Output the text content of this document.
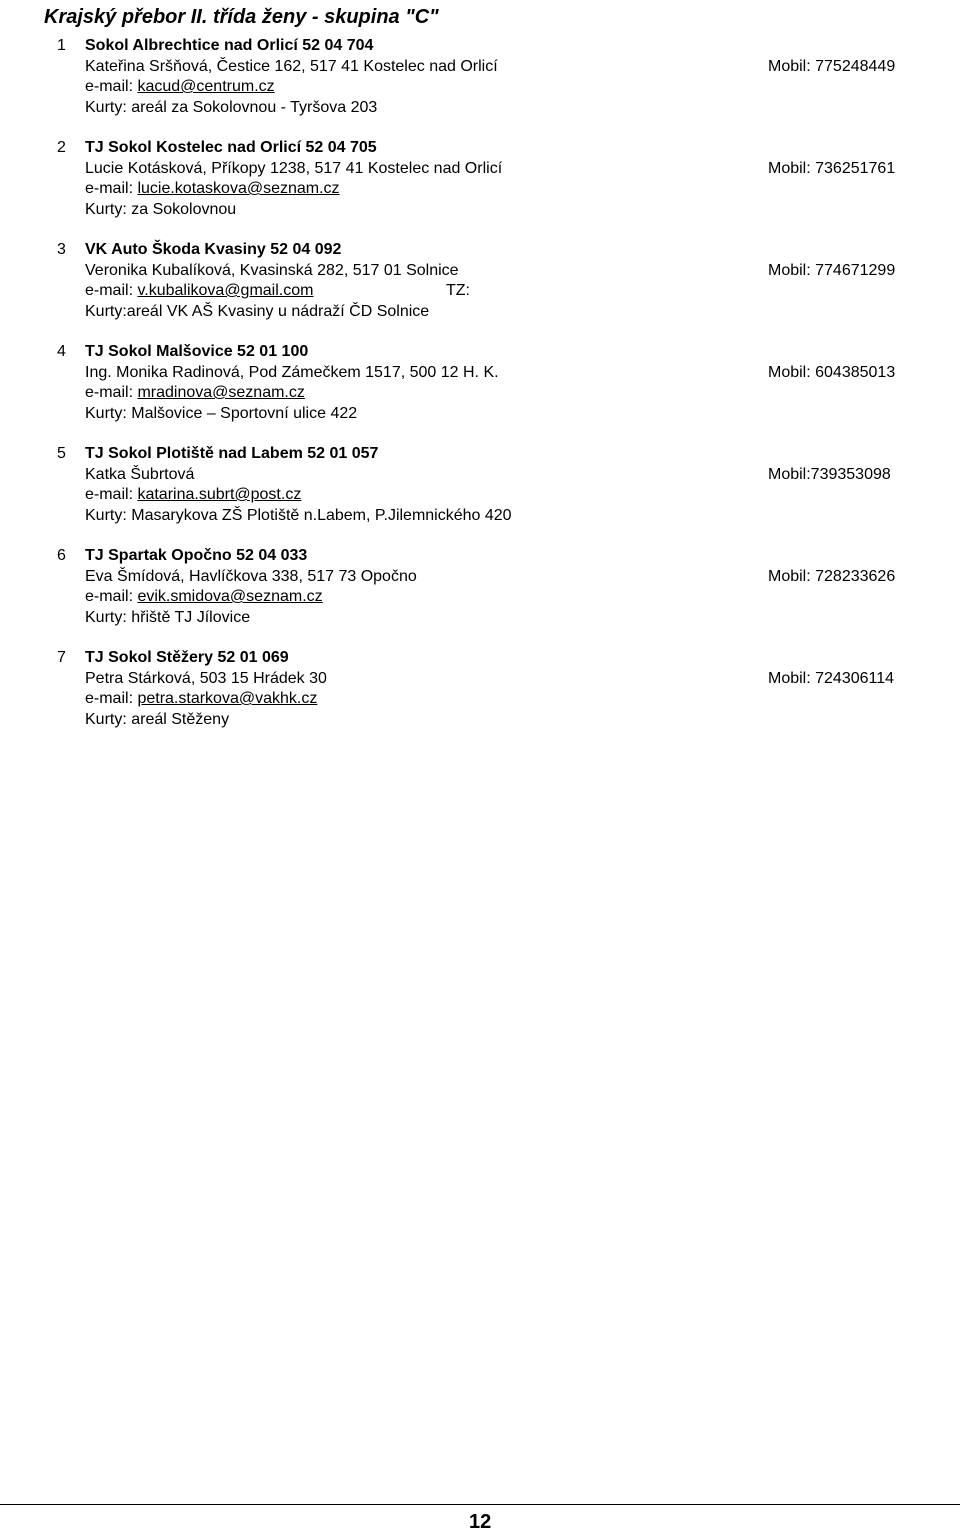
Krajský přebor II. třída ženy - skupina "C"
1 Sokol Albrechtice nad Orlicí 52 04 704
Kateřina Sršňová, Čestice 162, 517 41 Kostelec nad Orlicí	Mobil: 775248449
e-mail: kacud@centrum.cz
Kurty: areál za Sokolovnou - Tyršova 203
2 TJ Sokol Kostelec nad Orlicí 52 04 705
Lucie Kotásková, Příkopy 1238, 517 41 Kostelec nad Orlicí	Mobil: 736251761
e-mail: lucie.kotaskova@seznam.cz
Kurty: za Sokolovnou
3 VK Auto Škoda Kvasiny 52 04 092
Veronika Kubalíková, Kvasinská 282, 517 01 Solnice	Mobil: 774671299
e-mail: v.kubalikova@gmail.com	TZ:
Kurty:areál VK AŠ Kvasiny u nádraží ČD Solnice
4 TJ Sokol Malšovice 52 01 100
Ing. Monika Radinová, Pod Zámečkem 1517, 500 12 H. K.	Mobil: 604385013
e-mail: mradinova@seznam.cz
Kurty: Malšovice – Sportovní ulice 422
5 TJ Sokol Plotiště nad Labem 52 01 057
Katka Šubrtová	Mobil:739353098
e-mail: katarina.subrt@post.cz
Kurty: Masarykova ZŠ Plotiště n.Labem, P.Jilemnického 420
6 TJ Spartak Opočno 52 04 033
Eva Šmídová, Havlíčkova 338, 517 73 Opočno	Mobil: 728233626
e-mail: evik.smidova@seznam.cz
Kurty: hřiště TJ Jílovice
7 TJ Sokol Stěžery 52 01 069
Petra Stárková, 503 15 Hrádek 30	Mobil: 724306114
e-mail: petra.starkova@vakhk.cz
Kurty: areál Stěženy
12
